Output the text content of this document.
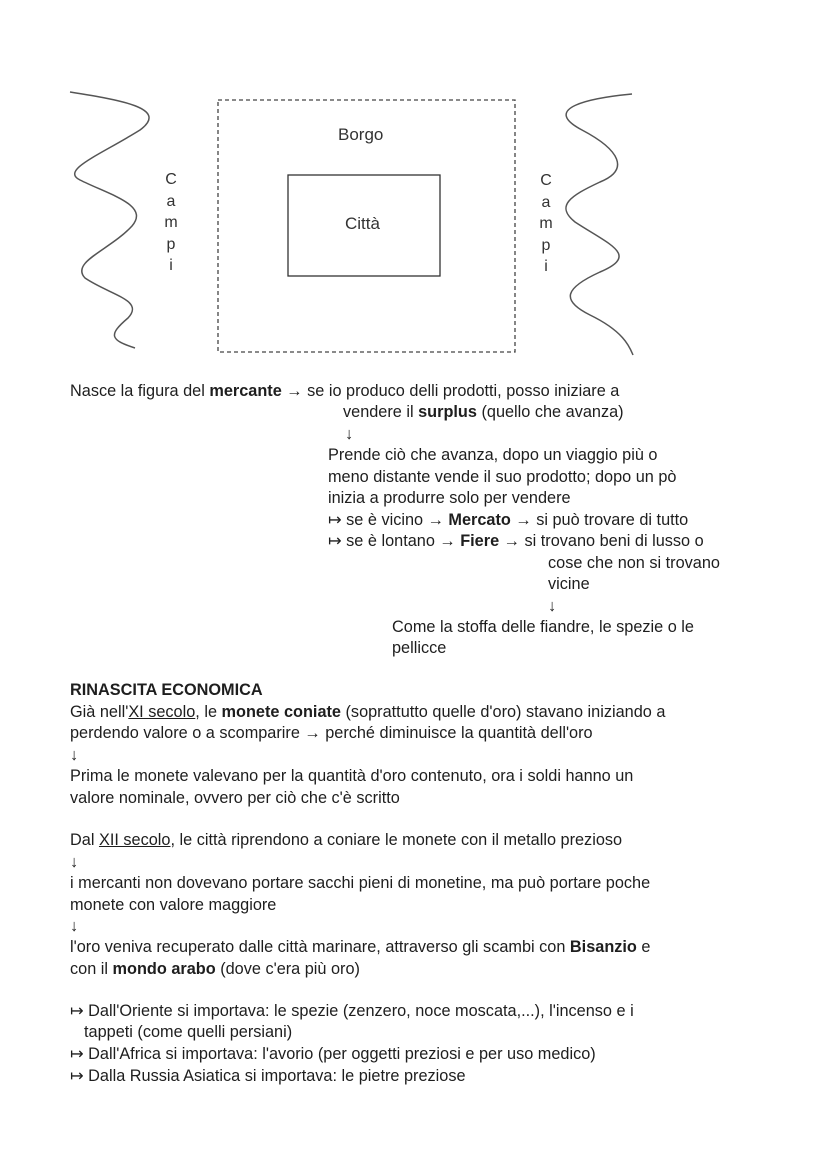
Borgo
Città
C
a
m
p
i
C
a
m
p
i
Nasce la figura del mercante → se io produco delli prodotti, posso iniziare a
vendere il surplus (quello che avanza)
↓
Prende ciò che avanza, dopo un viaggio più o
meno distante vende il suo prodotto; dopo un pò
inizia a produrre solo per vendere
↦ se è vicino → Mercato → si può trovare di tutto
↦ se è lontano → Fiere → si trovano beni di lusso o
cose che non si trovano
vicine
↓
Come la stoffa delle fiandre, le spezie o le
pellicce
RINASCITA ECONOMICA
Già nell'XI secolo, le monete coniate (soprattutto quelle d'oro) stavano iniziando a
perdendo valore o a scomparire → perché diminuisce la quantità dell'oro
↓
Prima le monete valevano per la quantità d'oro contenuto, ora i soldi hanno un
valore nominale, ovvero per ciò che c'è scritto
Dal XII secolo, le città riprendono a coniare le monete con il metallo prezioso
↓
i mercanti non dovevano portare sacchi pieni di monetine, ma può portare poche
monete con valore maggiore
↓
l'oro veniva recuperato dalle città marinare, attraverso gli scambi con Bisanzio e
con il mondo arabo (dove c'era più oro)
↦ Dall'Oriente si importava: le spezie (zenzero, noce moscata,...), l'incenso e i
tappeti (come quelli persiani)
↦ Dall'Africa si importava: l'avorio (per oggetti preziosi e per uso medico)
↦ Dalla Russia Asiatica si importava: le pietre preziose
